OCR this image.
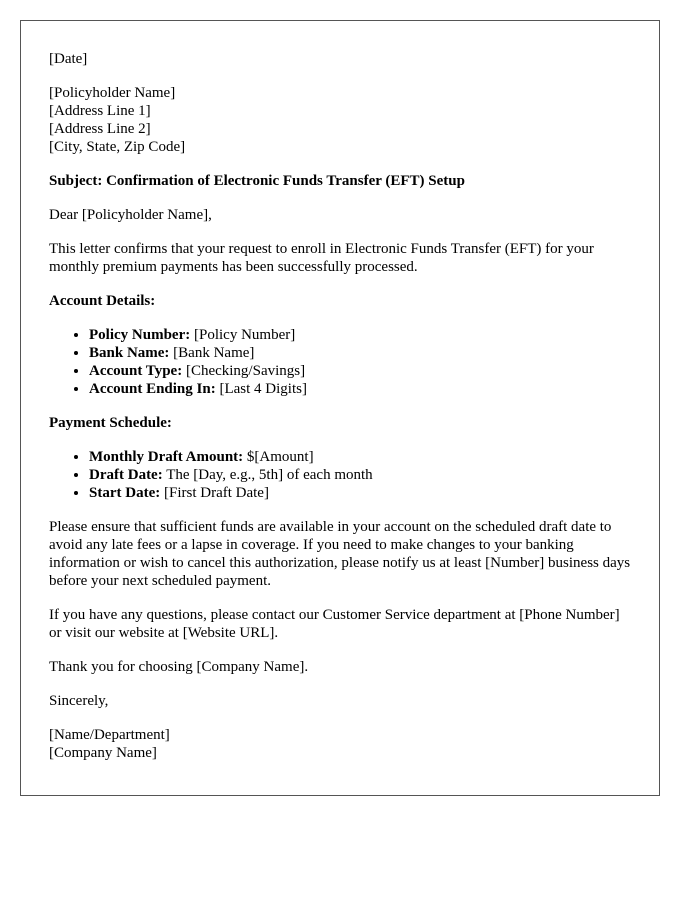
[Date]

[Policyholder Name]
[Address Line 1]
[Address Line 2]
[City, State, Zip Code]

Subject: Confirmation of Electronic Funds Transfer (EFT) Setup

Dear [Policyholder Name],

This letter confirms that your request to enroll in Electronic Funds Transfer (EFT) for your monthly premium payments has been successfully processed.

Account Details:

• Policy Number: [Policy Number]
• Bank Name: [Bank Name]
• Account Type: [Checking/Savings]
• Account Ending In: [Last 4 Digits]

Payment Schedule:

• Monthly Draft Amount: $[Amount]
• Draft Date: The [Day, e.g., 5th] of each month
• Start Date: [First Draft Date]

Please ensure that sufficient funds are available in your account on the scheduled draft date to avoid any late fees or a lapse in coverage. If you need to make changes to your banking information or wish to cancel this authorization, please notify us at least [Number] business days before your next scheduled payment.

If you have any questions, please contact our Customer Service department at [Phone Number] or visit our website at [Website URL].

Thank you for choosing [Company Name].

Sincerely,

[Name/Department]
[Company Name]
